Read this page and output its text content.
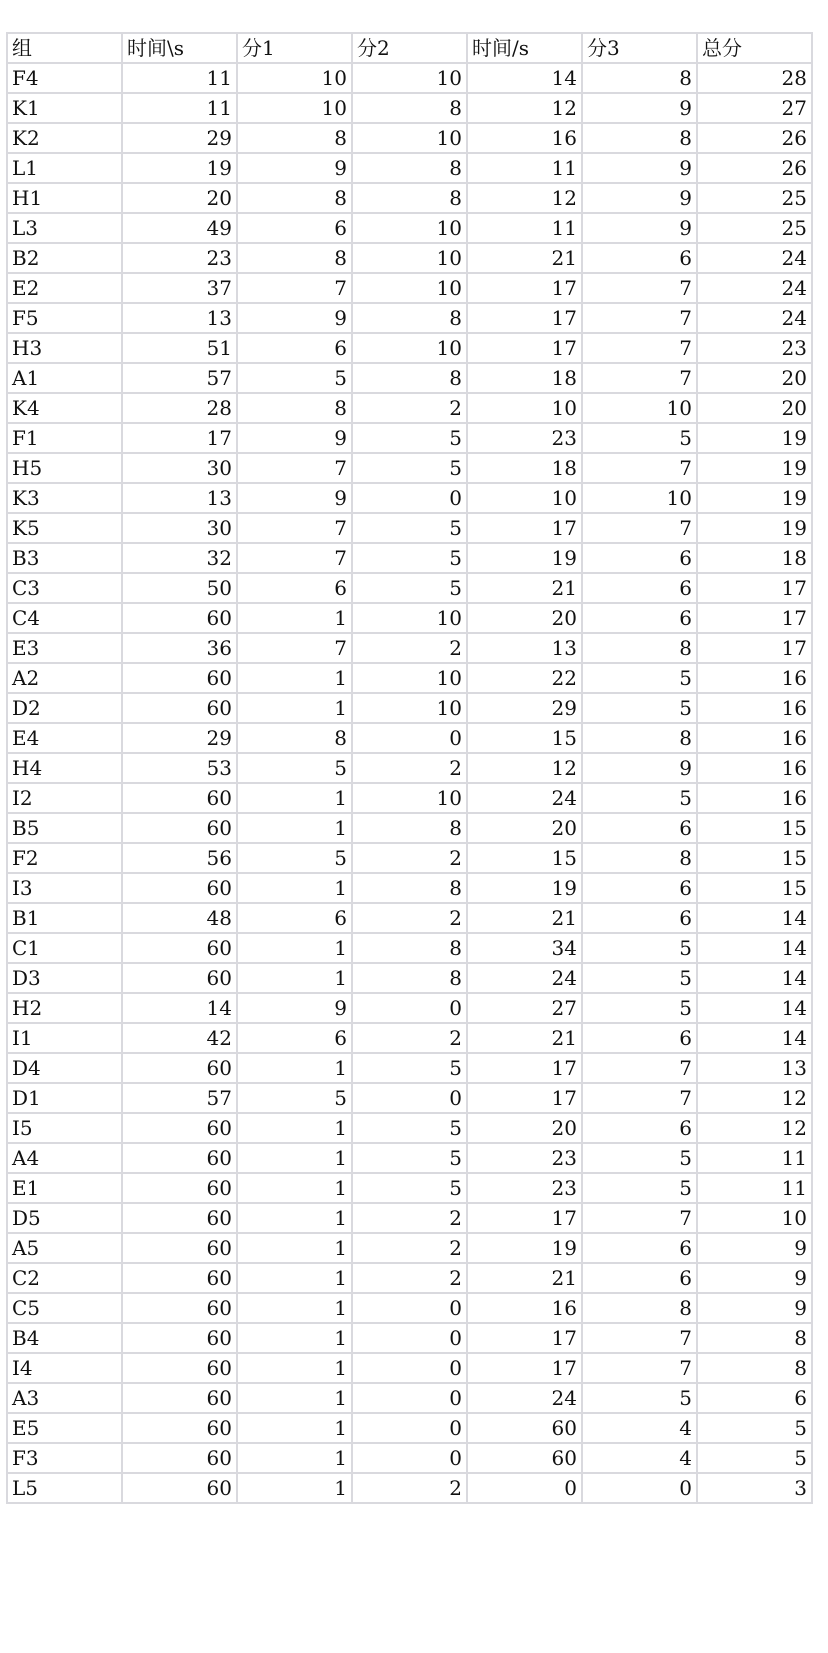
组	时间\s	分1	分2	时间/s	分3	总分
F4	11	10	10	14	8	28
K1	11	10	8	12	9	27
K2	29	8	10	16	8	26
L1	19	9	8	11	9	26
H1	20	8	8	12	9	25
L3	49	6	10	11	9	25
B2	23	8	10	21	6	24
E2	37	7	10	17	7	24
F5	13	9	8	17	7	24
H3	51	6	10	17	7	23
A1	57	5	8	18	7	20
K4	28	8	2	10	10	20
F1	17	9	5	23	5	19
H5	30	7	5	18	7	19
K3	13	9	0	10	10	19
K5	30	7	5	17	7	19
B3	32	7	5	19	6	18
C3	50	6	5	21	6	17
C4	60	1	10	20	6	17
E3	36	7	2	13	8	17
A2	60	1	10	22	5	16
D2	60	1	10	29	5	16
E4	29	8	0	15	8	16
H4	53	5	2	12	9	16
I2	60	1	10	24	5	16
B5	60	1	8	20	6	15
F2	56	5	2	15	8	15
I3	60	1	8	19	6	15
B1	48	6	2	21	6	14
C1	60	1	8	34	5	14
D3	60	1	8	24	5	14
H2	14	9	0	27	5	14
I1	42	6	2	21	6	14
D4	60	1	5	17	7	13
D1	57	5	0	17	7	12
I5	60	1	5	20	6	12
A4	60	1	5	23	5	11
E1	60	1	5	23	5	11
D5	60	1	2	17	7	10
A5	60	1	2	19	6	9
C2	60	1	2	21	6	9
C5	60	1	0	16	8	9
B4	60	1	0	17	7	8
I4	60	1	0	17	7	8
A3	60	1	0	24	5	6
E5	60	1	0	60	4	5
F3	60	1	0	60	4	5
L5	60	1	2	0	0	3
